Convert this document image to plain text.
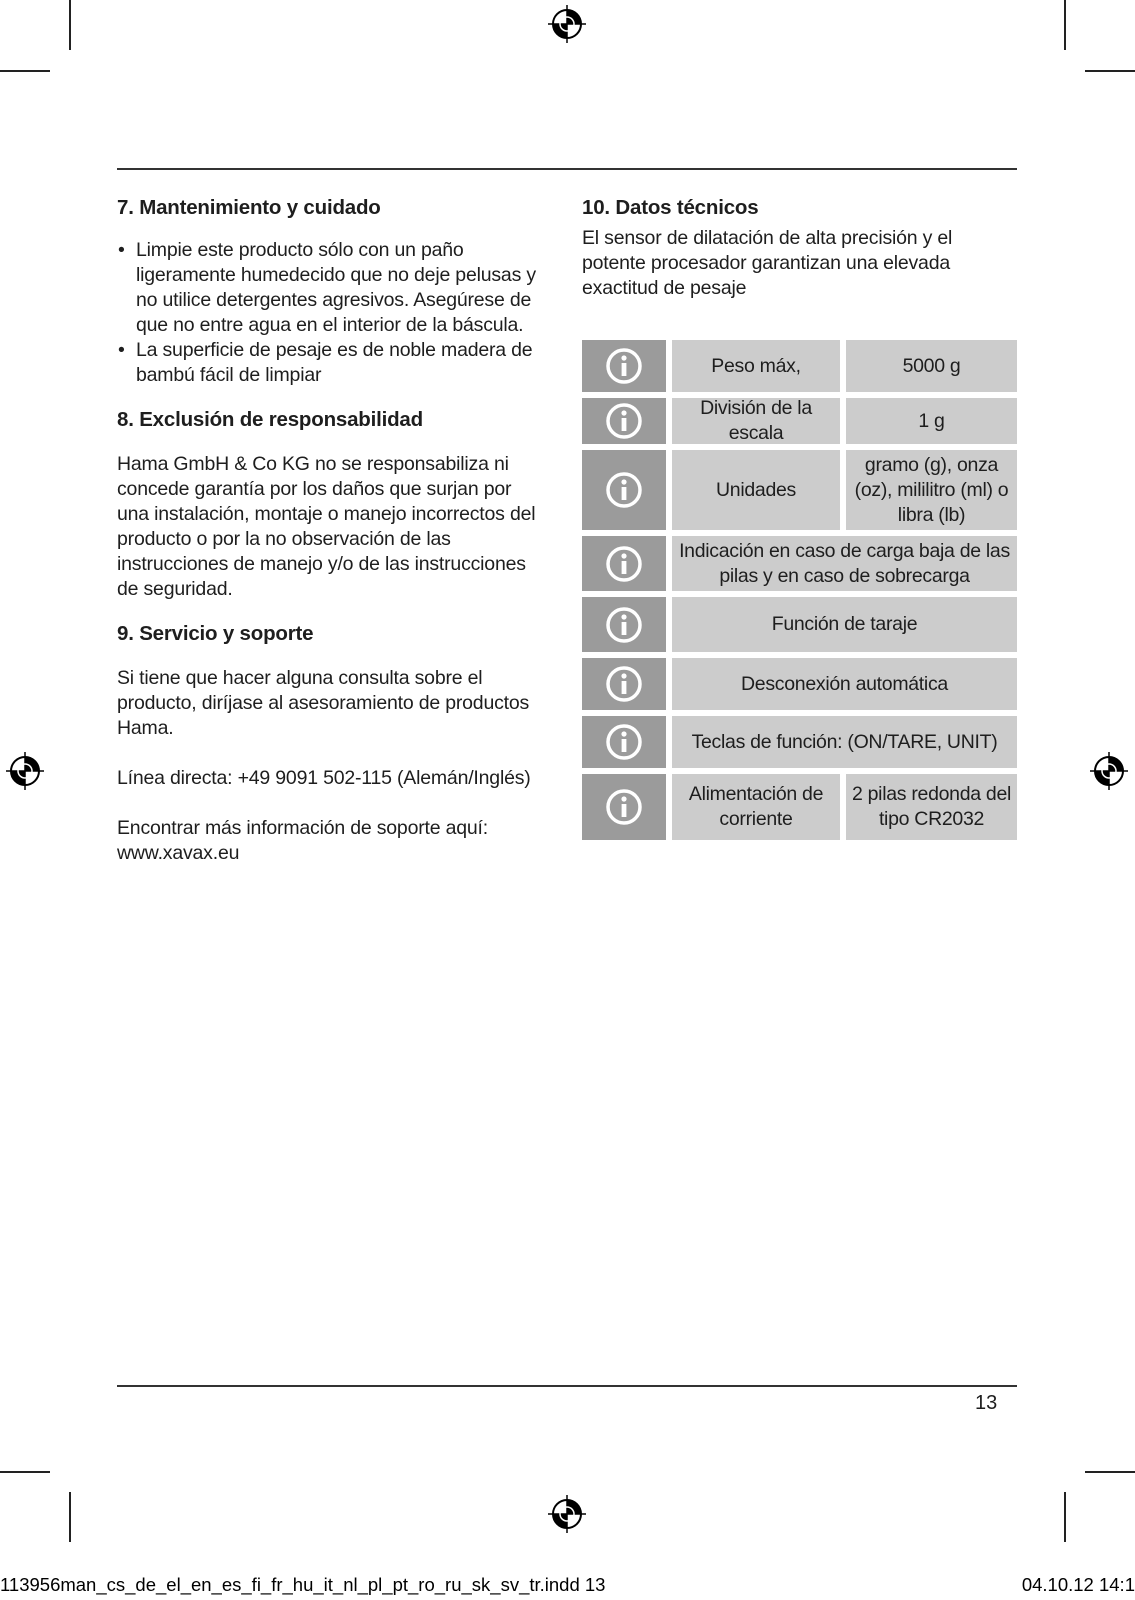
7. Mantenimiento y cuidado
• Limpie este producto sólo con un paño ligeramente humedecido que no deje pelusas y no utilice detergentes agresivos. Asegúrese de que no entre agua en el interior de la báscula.
• La superficie de pesaje es de noble madera de bambú fácil de limpiar
8. Exclusión de responsabilidad

Hama GmbH & Co KG no se responsabiliza ni concede garantía por los daños que surjan por una instalación, montaje o manejo incorrectos del producto o por la no observación de las instrucciones de manejo y/o de las instrucciones de seguridad.

9. Servicio y soporte

Si tiene que hacer alguna consulta sobre el producto, diríjase al asesoramiento de productos Hama.

Línea directa: +49 9091 502-115 (Alemán/Inglés)

Encontrar más información de soporte aquí: www.xavax.eu

10. Datos técnicos

El sensor de dilatación de alta precisión y el potente procesador garantizan una elevada exactitud de pesaje

Peso máx,	5000 g
División de la escala
1 g
Unidades
gramo (g), onza (oz), mililitro (ml) o libra (lb)
Indicación en caso de carga baja de las pilas y en caso de sobrecarga
Función de taraje
Desconexión automática
Teclas de función: (ON/TARE, UNIT)
Alimentación de corriente
2 pilas redonda del tipo CR2032
13
113956man_cs_de_el_en_es_fi_fr_hu_it_nl_pl_pt_ro_ru_sk_sv_tr.indd 13	04.10.12 14:1
